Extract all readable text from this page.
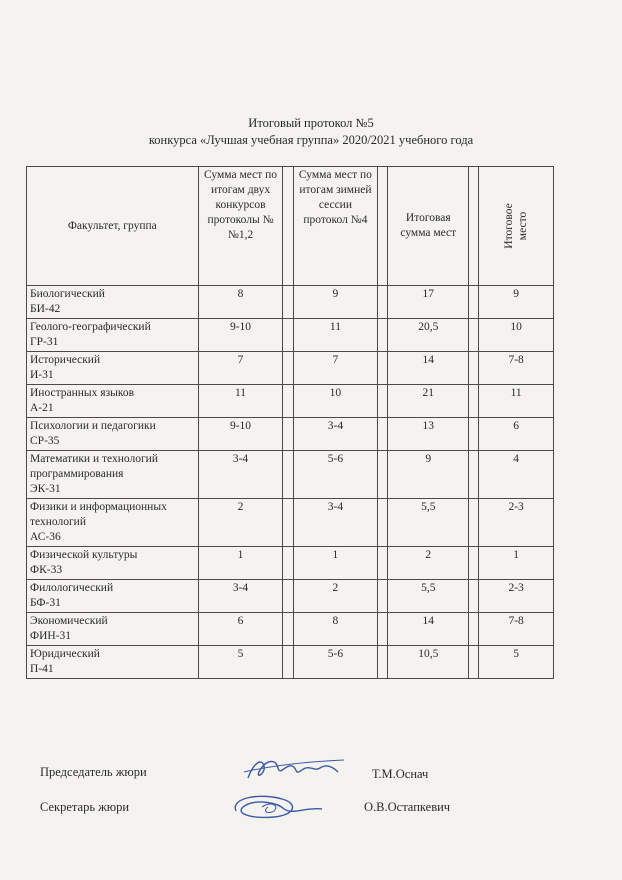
Итоговый протокол №5
конкурса «Лучшая учебная группа» 2020/2021 учебного года
Факультет, группа	Сумма мест по итогам двух конкурсов протоколы №№1,2		Сумма мест по итогам зимней сессии протокол №4		Итоговая сумма мест		Итоговое место

Биологический
БИ-42	8		9		17		9

Геолого-географический
ГР-31	9-10		11		20,5		10

Исторический
И-31	7		7		14		7-8

Иностранных языков
А-21	11		10		21		11

Психологии и педагогики
СР-35	9-10		3-4		13		6

Математики и технологий программирования
ЭК-31	3-4		5-6		9		4

Физики и информационных технологий
АС-36	2		3-4		5,5		2-3

Физической культуры
ФК-33	1		1		2		1

Филологический
БФ-31	3-4		2		5,5		2-3

Экономический
ФИН-31	6		8		14		7-8

Юридический
П-41	5		5-6		10,5		5
Председатель жюри	Т.М.Оснач
Секретарь жюри	О.В.Остапкевич
